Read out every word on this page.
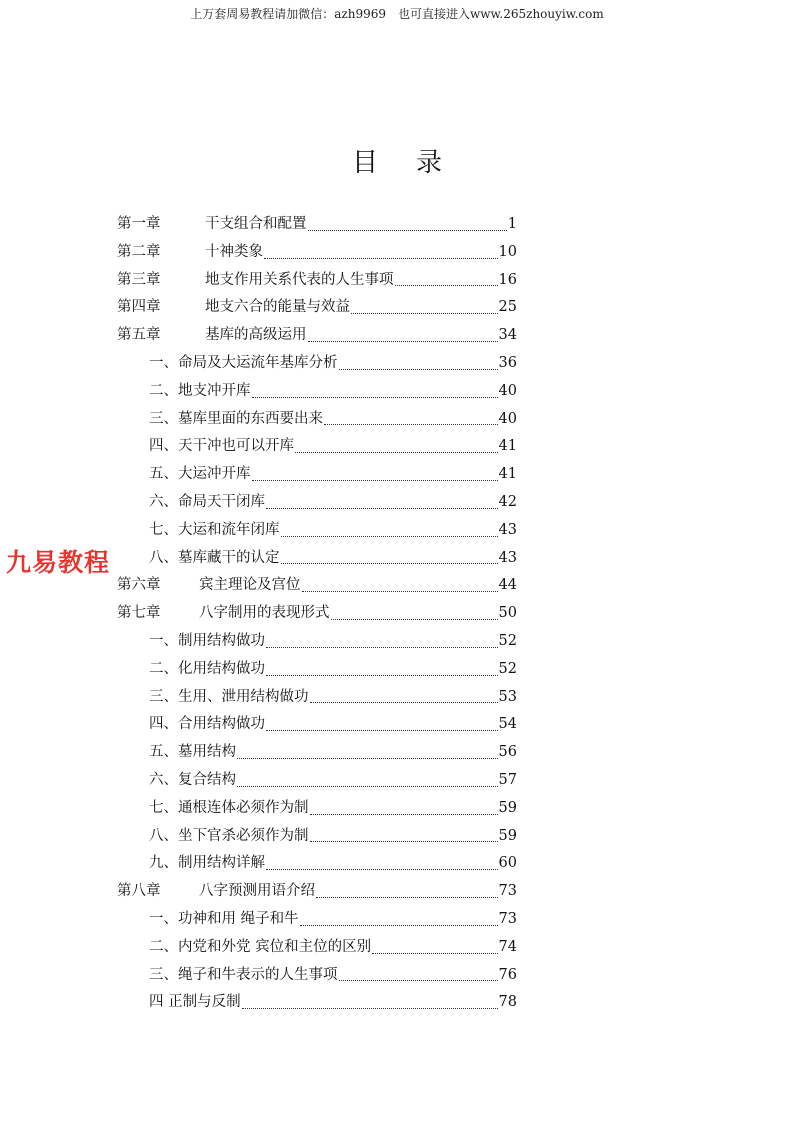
上万套周易教程请加微信：azh9969　也可直接进入www.265zhouyiw.com
目录
第一章	干支组合和配置	1
第二章	十神类象	10
第三章	地支作用关系代表的人生事项	16
第四章	地支六合的能量与效益	25
第五章	基库的高级运用	34
一、命局及大运流年基库分析	36
二、地支冲开库	40
三、墓库里面的东西要出来	40
四、天干冲也可以开库	41
五、大运冲开库	41
六、命局天干闭库	42
七、大运和流年闭库	43
八、墓库藏干的认定	43
第六章	宾主理论及宫位	44
第七章	八字制用的表现形式	50
一、制用结构做功	52
二、化用结构做功	52
三、生用、泄用结构做功	53
四、合用结构做功	54
五、墓用结构	56
六、复合结构	57
七、通根连体必须作为制	59
八、坐下官杀必须作为制	59
九、制用结构详解	60
第八章	八字预测用语介绍	73
一、功神和用 绳子和牛	73
二、内党和外党 宾位和主位的区别	74
三、绳子和牛表示的人生事项	76
四 正制与反制	78
九易教程
